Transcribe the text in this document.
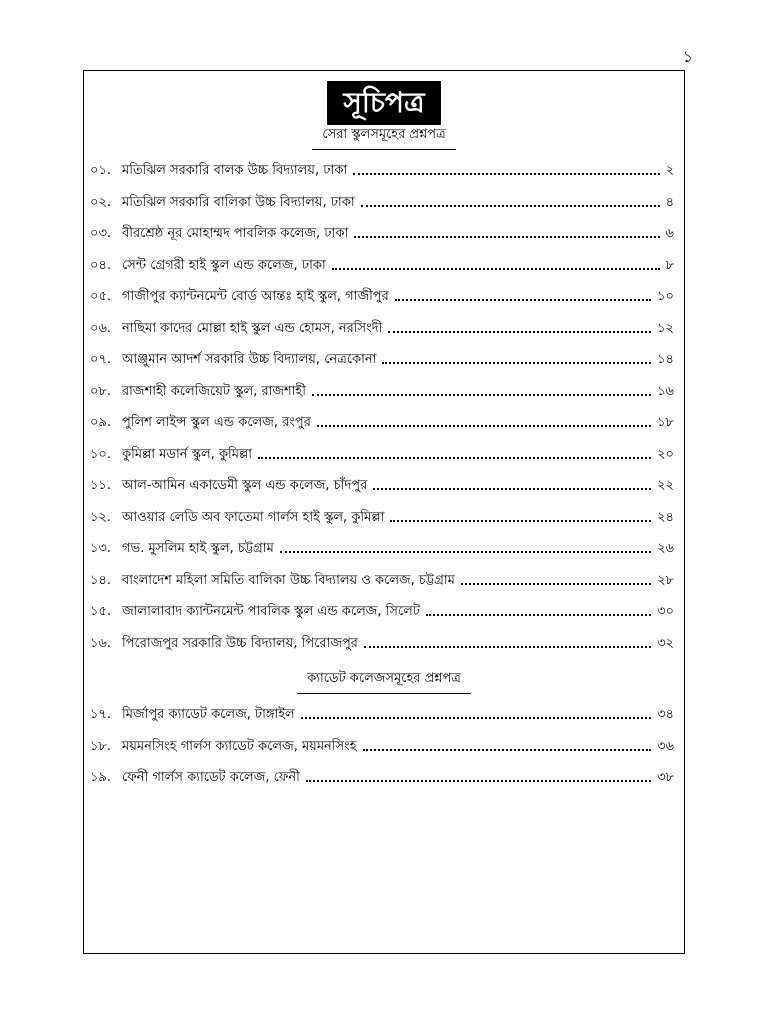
১
সূচিপত্র
সেরা স্কুলসমূহের প্রশ্নপত্র
০১. মতিঝিল সরকারি বালক উচ্চ বিদ্যালয়, ঢাকা	২
০২. মতিঝিল সরকারি বালিকা উচ্চ বিদ্যালয়, ঢাকা	৪
০৩. বীরশ্রেষ্ঠ নূর মোহাম্মদ পাবলিক কলেজ, ঢাকা	৬
০৪. সেন্ট গ্রেগরী হাই স্কুল এন্ড কলেজ, ঢাকা	৮
০৫. গাজীপুর ক্যান্টনমেন্ট বোর্ড আন্তঃ হাই স্কুল, গাজীপুর	১০
০৬. নাছিমা কাদের মোল্লা হাই স্কুল এন্ড হোমস, নরসিংদী	১২
০৭. আঞ্জুমান আদর্শ সরকারি উচ্চ বিদ্যালয়, নেত্রকোনা	১৪
০৮. রাজশাহী কলেজিয়েট স্কুল, রাজশাহী	১৬
০৯. পুলিশ লাইন্স স্কুল এন্ড কলেজ, রংপুর	১৮
১০. কুমিল্লা মডার্ন স্কুল, কুমিল্লা	২০
১১. আল-আমিন একাডেমী স্কুল এন্ড কলেজ, চাঁদপুর	২২
১২. আওয়ার লেডি অব ফাতেমা গার্লস হাই স্কুল, কুমিল্লা	২৪
১৩. গভ. মুসলিম হাই স্কুল, চট্টগ্রাম	২৬
১৪. বাংলাদেশ মহিলা সমিতি বালিকা উচ্চ বিদ্যালয় ও কলেজ, চট্টগ্রাম	২৮
১৫. জালালাবাদ ক্যান্টনমেন্ট পাবলিক স্কুল এন্ড কলেজ, সিলেট	৩০
১৬. পিরোজপুর সরকারি উচ্চ বিদ্যালয়, পিরোজপুর	৩২
ক্যাডেট কলেজসমূহের প্রশ্নপত্র
১৭. মির্জাপুর ক্যাডেট কলেজ, টাঙ্গাইল	৩৪
১৮. ময়মনসিংহ গার্লস ক্যাডেট কলেজ, ময়মনসিংহ	৩৬
১৯. ফেনী গার্লস ক্যাডেট কলেজ, ফেনী	৩৮
